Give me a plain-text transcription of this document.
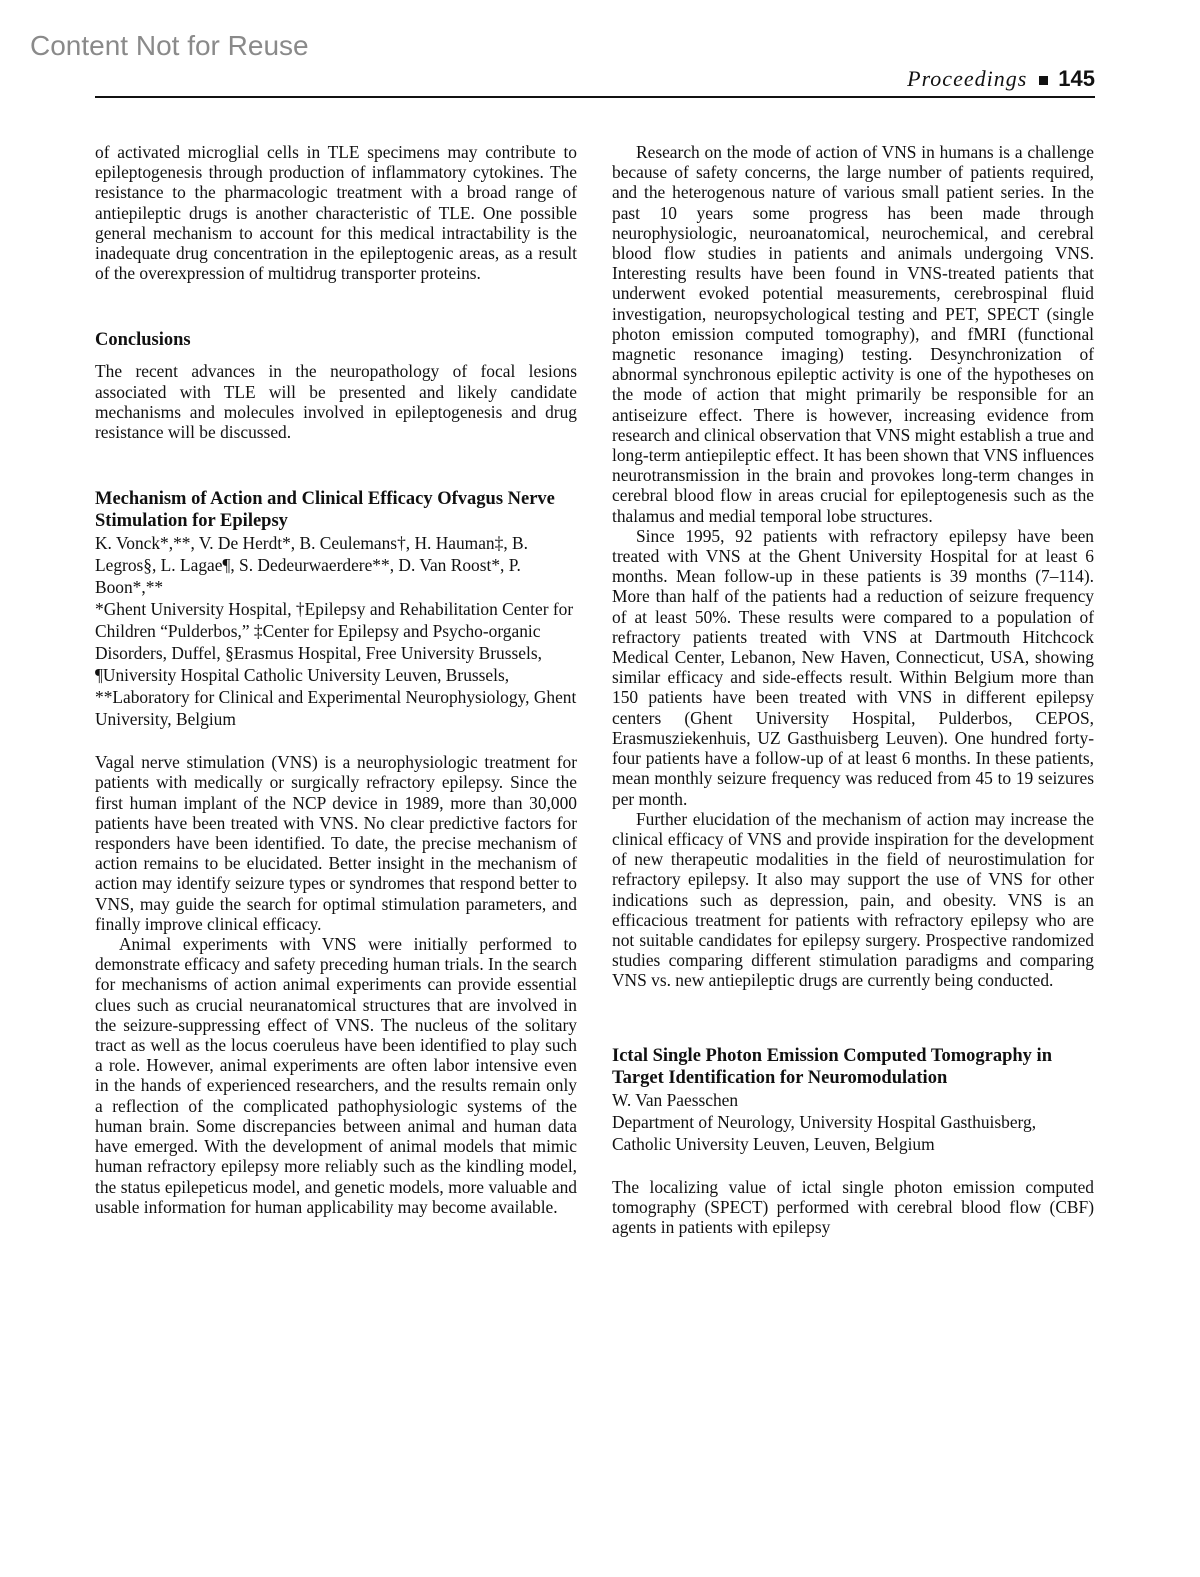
Content Not for Reuse
Proceedings 145

of activated microglial cells in TLE specimens may contribute to epileptogenesis through production of inflammatory cytokines. The resistance to the pharmacologic treatment with a broad range of antiepileptic drugs is another characteristic of TLE. One possible general mechanism to account for this medical intractability is the inadequate drug concentration in the epileptogenic areas, as a result of the overexpression of multidrug transporter proteins.

Conclusions

The recent advances in the neuropathology of focal lesions associated with TLE will be presented and likely candidate mechanisms and molecules involved in epileptogenesis and drug resistance will be discussed.

Mechanism of Action and Clinical Efficacy Ofvagus Nerve Stimulation for Epilepsy

K. Vonck*,**, V. De Herdt*, B. Ceulemans†, H. Hauman‡, B. Legros§, L. Lagae¶, S. Dedeurwaerdere**, D. Van Roost*, P. Boon*,**

*Ghent University Hospital, †Epilepsy and Rehabilitation Center for Children “Pulderbos,” ‡Center for Epilepsy and Psycho-organic Disorders, Duffel, §Erasmus Hospital, Free University Brussels, ¶University Hospital Catholic University Leuven, Brussels, **Laboratory for Clinical and Experimental Neurophysiology, Ghent University, Belgium

Vagal nerve stimulation (VNS) is a neurophysiologic treatment for patients with medically or surgically refractory epilepsy. Since the first human implant of the NCP device in 1989, more than 30,000 patients have been treated with VNS. No clear predictive factors for responders have been identified. To date, the precise mechanism of action remains to be elucidated. Better insight in the mechanism of action may identify seizure types or syndromes that respond better to VNS, may guide the search for optimal stimulation parameters, and finally improve clinical efficacy.

Animal experiments with VNS were initially performed to demonstrate efficacy and safety preceding human trials. In the search for mechanisms of action animal experiments can provide essential clues such as crucial neuranatomical structures that are involved in the seizure-suppressing effect of VNS. The nucleus of the solitary tract as well as the locus coeruleus have been identified to play such a role. However, animal experiments are often labor intensive even in the hands of experienced researchers, and the results remain only a reflection of the complicated pathophysiologic systems of the human brain. Some discrepancies between animal and human data have emerged. With the development of animal models that mimic human refractory epilepsy more reliably such as the kindling model, the status epilepeticus model, and genetic models, more valuable and usable information for human applicability may become available.

Research on the mode of action of VNS in humans is a challenge because of safety concerns, the large number of patients required, and the heterogenous nature of various small patient series. In the past 10 years some progress has been made through neurophysiologic, neuroanatomical, neurochemical, and cerebral blood flow studies in patients and animals undergoing VNS. Interesting results have been found in VNS-treated patients that underwent evoked potential measurements, cerebrospinal fluid investigation, neuropsychological testing and PET, SPECT (single photon emission computed tomography), and fMRI (functional magnetic resonance imaging) testing. Desynchronization of abnormal synchronous epileptic activity is one of the hypotheses on the mode of action that might primarily be responsible for an antiseizure effect. There is however, increasing evidence from research and clinical observation that VNS might establish a true and long-term antiepileptic effect. It has been shown that VNS influences neurotransmission in the brain and provokes long-term changes in cerebral blood flow in areas crucial for epileptogenesis such as the thalamus and medial temporal lobe structures.

Since 1995, 92 patients with refractory epilepsy have been treated with VNS at the Ghent University Hospital for at least 6 months. Mean follow-up in these patients is 39 months (7–114). More than half of the patients had a reduction of seizure frequency of at least 50%. These results were compared to a population of refractory patients treated with VNS at Dartmouth Hitchcock Medical Center, Lebanon, New Haven, Connecticut, USA, showing similar efficacy and side-effects result. Within Belgium more than 150 patients have been treated with VNS in different epilepsy centers (Ghent University Hospital, Pulderbos, CEPOS, Erasmusziekenhuis, UZ Gasthuisberg Leuven). One hundred forty-four patients have a follow-up of at least 6 months. In these patients, mean monthly seizure frequency was reduced from 45 to 19 seizures per month.

Further elucidation of the mechanism of action may increase the clinical efficacy of VNS and provide inspiration for the development of new therapeutic modalities in the field of neurostimulation for refractory epilepsy. It also may support the use of VNS for other indications such as depression, pain, and obesity. VNS is an efficacious treatment for patients with refractory epilepsy who are not suitable candidates for epilepsy surgery. Prospective randomized studies comparing different stimulation paradigms and comparing VNS vs. new antiepileptic drugs are currently being conducted.

Ictal Single Photon Emission Computed Tomography in Target Identification for Neuromodulation

W. Van Paesschen

Department of Neurology, University Hospital Gasthuisberg, Catholic University Leuven, Leuven, Belgium

The localizing value of ictal single photon emission computed tomography (SPECT) performed with cerebral blood flow (CBF) agents in patients with epilepsy
